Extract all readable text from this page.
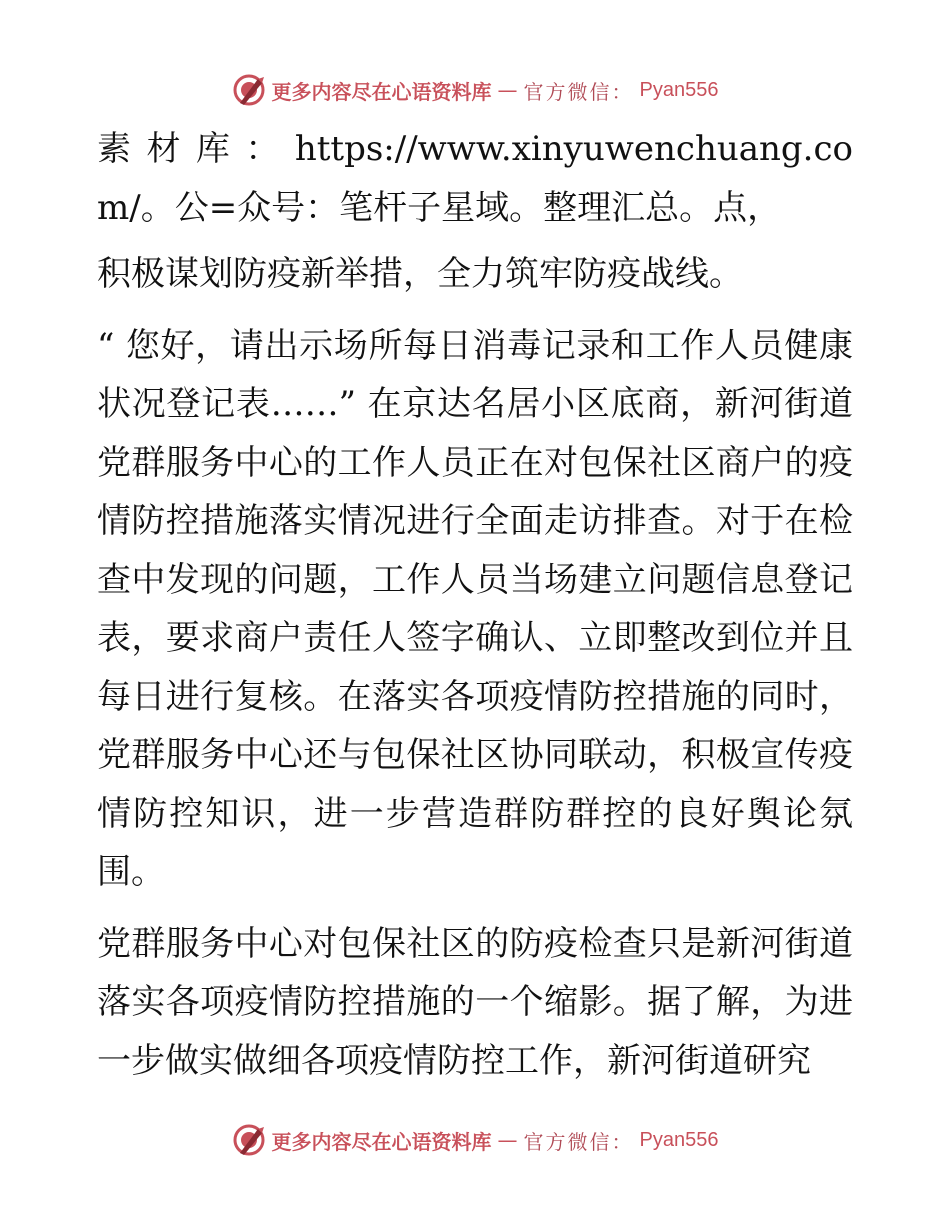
更多内容尽在心语资料库 — 官方微信： Pyan556

素材库：https://www.xinyuwenchuang.com/。公=众号：笔杆子星域。整理汇总。点，

积极谋划防疫新举措，全力筑牢防疫战线。

“ 您好，请出示场所每日消毒记录和工作人员健康状况登记表……” 在京达名居小区底商，新河街道党群服务中心的工作人员正在对包保社区商户的疫情防控措施落实情况进行全面走访排查。对于在检查中发现的问题，工作人员当场建立问题信息登记表，要求商户责任人签字确认、立即整改到位并且每日进行复核。在落实各项疫情防控措施的同时，党群服务中心还与包保社区协同联动，积极宣传疫情防控知识，进一步营造群防群控的良好舆论氛围。

党群服务中心对包保社区的防疫检查只是新河街道落实各项疫情防控措施的一个缩影。据了解，为进一步做实做细各项疫情防控工作，新河街道研究

更多内容尽在心语资料库 — 官方微信： Pyan556
